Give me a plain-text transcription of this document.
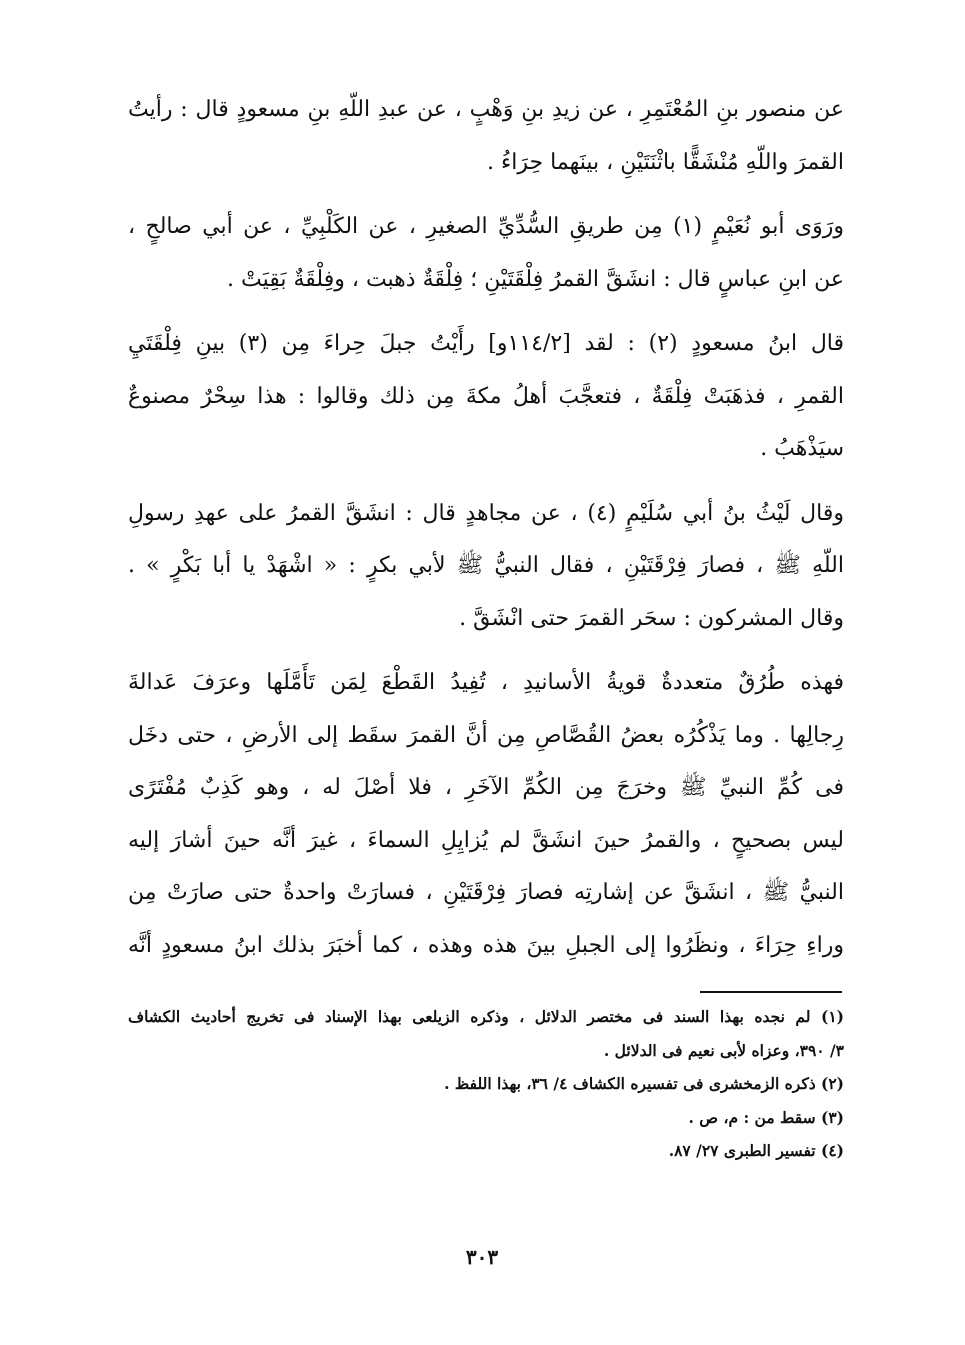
عن منصور بنِ المُعْتَمِرِ ، عن زيدِ بنِ وَهْبٍ ، عن عبدِ اللّهِ بنِ مسعودٍ قال : رأيتُ
القمرَ واللّهِ مُنْشَقًّا باثْنَتَيْنِ ، بينَهما حِرَاءُ .
ورَوَى أبو نُعَيْمٍ (١) مِن طريقِ السُّدِّيِّ الصغيرِ ، عن الكَلْبِيِّ ، عن أبي صالحٍ ،
عن ابنِ عباسٍ قال : انشَقَّ القمرُ فِلْقَتَيْنِ ؛ فِلْقَةٌ ذهبت ، وفِلْقَةٌ بَقِيَتْ .
قال ابنُ مسعودٍ (٢) : لقد [١١٤/٢و] رأَيْتُ جبلَ حِراءَ مِن (٣) بينِ فِلْقَتَيِ
القمرِ ، فذهَبَتْ فِلْقَةٌ ، فتعجَّبَ أهلُ مكةَ مِن ذلك وقالوا : هذا سِحْرٌ مصنوعٌ
سيَذْهَبُ .
وقال لَيْثُ بنُ أبي سُلَيْمٍ (٤) ، عن مجاهدٍ قال : انشَقَّ القمرُ على عهدِ رسولِ
اللّهِ ﷺ ، فصارَ فِرْقَتَيْنِ ، فقال النبيُّ ﷺ لأبي بكرٍ : « اشْهَدْ يا أبا بَكْرٍ » .
وقال المشركون : سحَر القمرَ حتى انْشَقَّ .
فهذه طُرُقٌ متعددةٌ قويةُ الأسانيدِ ، تُفِيدُ القَطْعَ لِمَن تَأَمَّلَها وعرَفَ عَدالةَ
رِجالِها . وما يَذْكُرُه بعضُ القُصَّاصِ مِن أنَّ القمرَ سقَط إلى الأرضِ ، حتى دخَل
فى كُمِّ النبيِّ ﷺ وخرَجَ مِن الكُمِّ الآخَرِ ، فلا أصْلَ له ، وهو كَذِبٌ مُفْتَرًى
ليس بصحيحٍ ، والقمرُ حينَ انشَقَّ لم يُزايِلِ السماءَ ، غيرَ أنَّه حينَ أشارَ إليه
النبيُّ ﷺ ، انشَقَّ عن إشارتِه فصارَ فِرْقَتَيْنِ ، فسارَتْ واحدةٌ حتى صارَتْ مِن
وراءِ حِرَاءَ ، ونظَرُوا إلى الجبلِ بينَ هذه وهذه ، كما أخبَرَ بذلك ابنُ مسعودٍ أنَّه
(١) لم نجده بهذا السند فى مختصر الدلائل ، وذكره الزيلعى بهذا الإسناد فى تخريج أحاديث الكشاف
٣/ ٣٩٠، وعزاه لأبى نعيم فى الدلائل .
(٢) ذكره الزمخشرى فى تفسيره الكشاف ٤/ ٣٦، بهذا اللفظ .
(٣) سقط من : م، ص .
(٤) تفسير الطبرى ٢٧/ ٨٧.
٣٠٣
